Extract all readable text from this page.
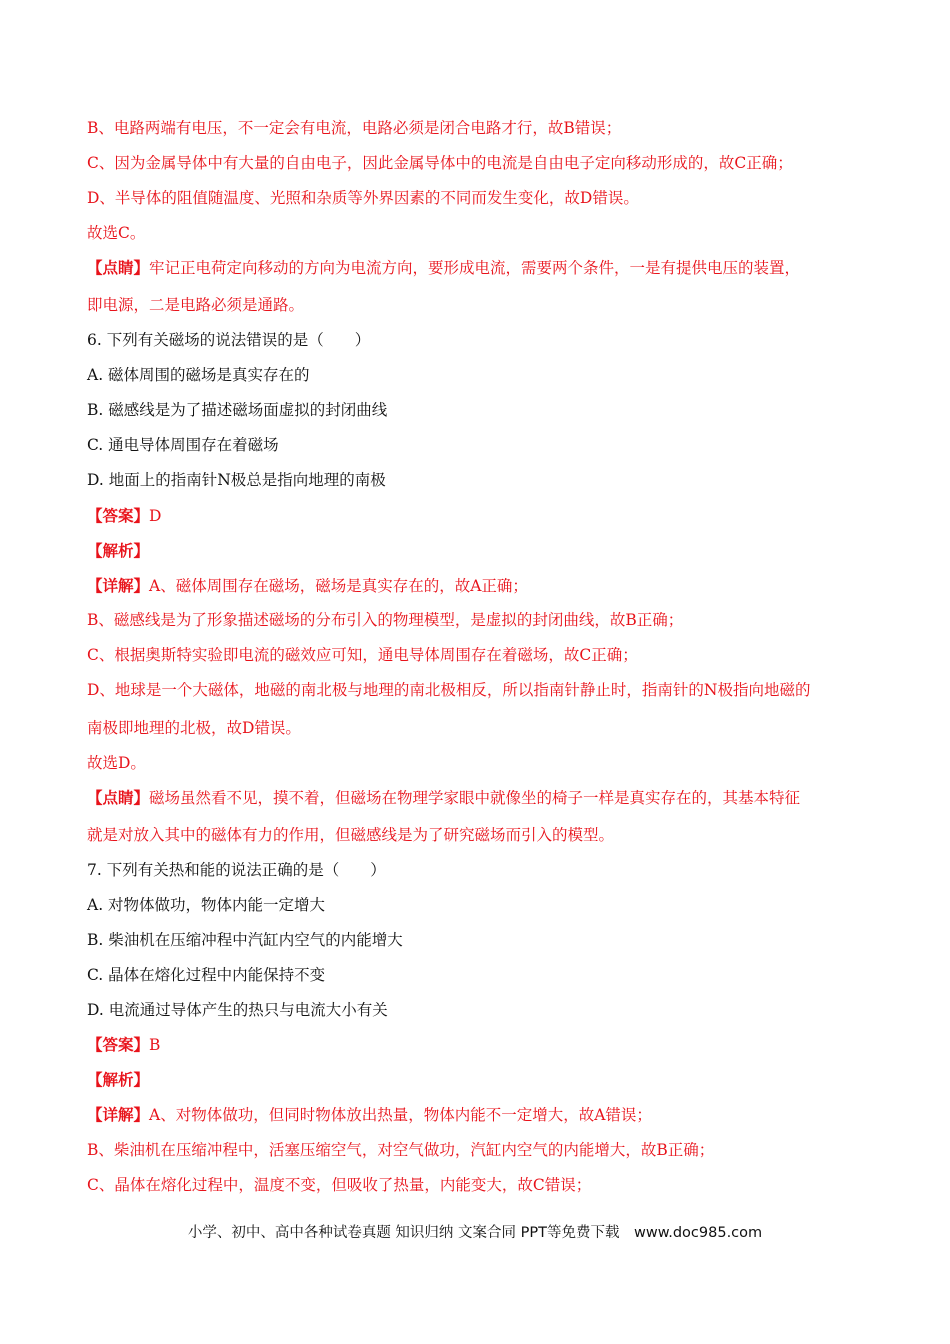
B、电路两端有电压，不一定会有电流，电路必须是闭合电路才行，故B错误；
C、因为金属导体中有大量的自由电子，因此金属导体中的电流是自由电子定向移动形成的，故C正确；
D、半导体的阻值随温度、光照和杂质等外界因素的不同而发生变化，故D错误。
故选C。
【点睛】牢记正电荷定向移动的方向为电流方向，要形成电流，需要两个条件，一是有提供电压的装置，
即电源，二是电路必须是通路。
6. 下列有关磁场的说法错误的是（　　）
A. 磁体周围的磁场是真实存在的
B. 磁感线是为了描述磁场面虚拟的封闭曲线
C. 通电导体周围存在着磁场
D. 地面上的指南针N极总是指向地理的南极
【答案】D
【解析】
【详解】A、磁体周围存在磁场，磁场是真实存在的，故A正确；
B、磁感线是为了形象描述磁场的分布引入的物理模型，是虚拟的封闭曲线，故B正确；
C、根据奥斯特实验即电流的磁效应可知，通电导体周围存在着磁场，故C正确；
D、地球是一个大磁体，地磁的南北极与地理的南北极相反，所以指南针静止时，指南针的N极指向地磁的
南极即地理的北极，故D错误。
故选D。
【点睛】磁场虽然看不见，摸不着，但磁场在物理学家眼中就像坐的椅子一样是真实存在的，其基本特征
就是对放入其中的磁体有力的作用，但磁感线是为了研究磁场而引入的模型。
7. 下列有关热和能的说法正确的是（　　）
A. 对物体做功，物体内能一定增大
B. 柴油机在压缩冲程中汽缸内空气的内能增大
C. 晶体在熔化过程中内能保持不变
D. 电流通过导体产生的热只与电流大小有关
【答案】B
【解析】
【详解】A、对物体做功，但同时物体放出热量，物体内能不一定增大，故A错误；
B、柴油机在压缩冲程中，活塞压缩空气，对空气做功，汽缸内空气的内能增大，故B正确；
C、晶体在熔化过程中，温度不变，但吸收了热量，内能变大，故C错误；
小学、初中、高中各种试卷真题 知识归纳 文案合同 PPT等免费下载　www.doc985.com
